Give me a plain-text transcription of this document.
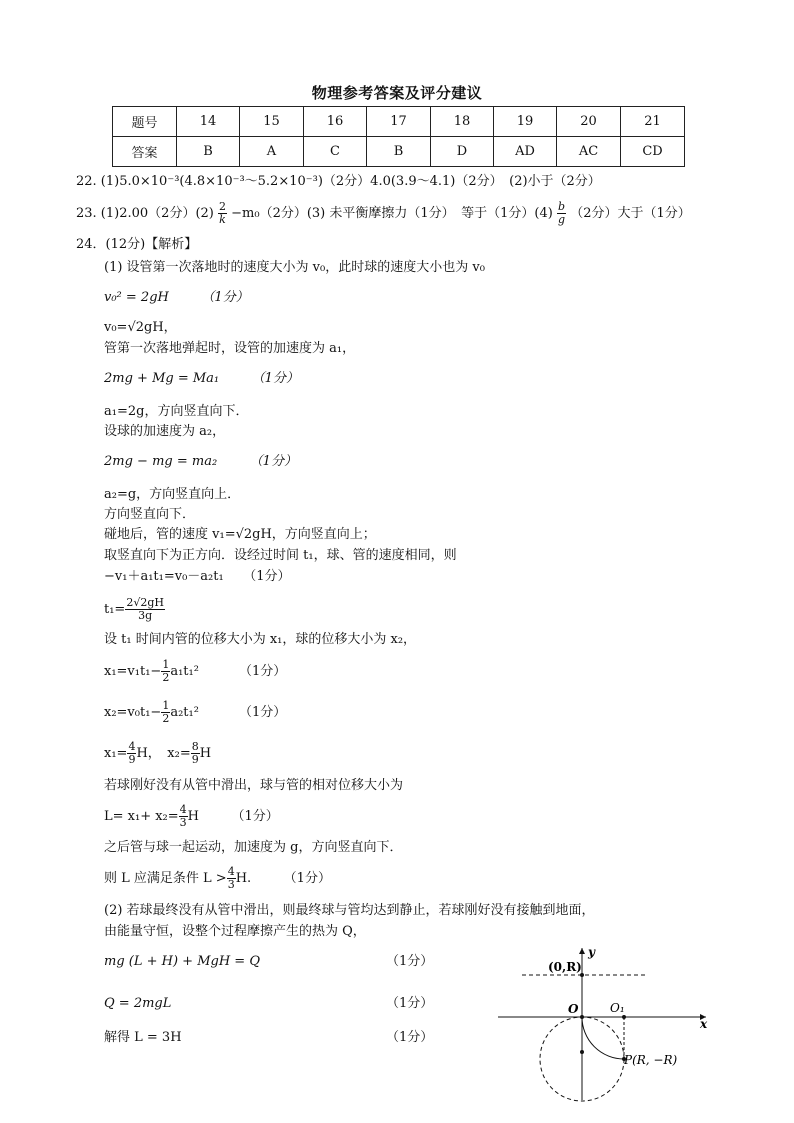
物理参考答案及评分建议
题号	14	15	16	17	18	19	20	21
答案	B	A	C	B	D	AD	AC	CD
22. (1)5.0×10⁻³(4.8×10⁻³～5.2×10⁻³)（2分）4.0(3.9～4.1)（2分）　(2)小于（2分）
23. (1)2.00（2分）$(2) \frac{2}{k} -m_0(2$分）(3) 未平衡摩擦力（1分）　等于（1分）$(4) \frac{b}{g} (2$分）大于（1分）
24．(12分)【解析】
(1) 设管第一次落地时的速度大小为 v₀，此时球的速度大小也为 v₀
v₀² = 2gH　　　（1分）
v₀=√2gH，
管第一次落地弹起时，设管的加速度为 a₁，
2mg + Mg = Ma₁　　　（1分）
a₁=2g，方向竖直向下．
设球的加速度为 a₂，
2mg − mg = ma₂　　　（1分）
a₂=g，方向竖直向上．
方向竖直向下．
碰地后，管的速度 v₁=√2gH，方向竖直向上；
取竖直向下为正方向．设经过时间 t₁，球、管的速度相同，则
−v₁＋a₁t₁=v₀－a₂t₁　　（1分）
$t_1= \frac{2√2gH}{3g}$
设 t₁ 时间内管的位移大小为 x₁，球的位移大小为 x₂，
$x_1=v_1t_1- \frac{1}{2} a_1t_1^2$	（1分）
$x_2=v_0t_1- \frac{1}{2} a_2t_1^2$	（1分）
$x_1= \frac{4}{9}$ H，　$x_2= \frac{8}{9}$ H
若球刚好没有从管中滑出，球与管的相对位移大小为
$L= x_1+ x_2= \frac{4}{3}$ H　　　（1分）
之后管与球一起运动，加速度为 g，方向竖直向下．
则 L 应满足条件 $L > \frac{4}{3} H$.　　　（1分）
(2) 若球最终没有从管中滑出，则最终球与管均达到静止，若球刚好没有接触到地面，
由能量守恒，设整个过程摩擦产生的热为 Q，
mg (L + H) + MgH = Q	（1分）
Q = 2mgL	（1分）
解得 L = 3H	（1分）
(0,R)
y
x
O	O₁
P(R, −R)
